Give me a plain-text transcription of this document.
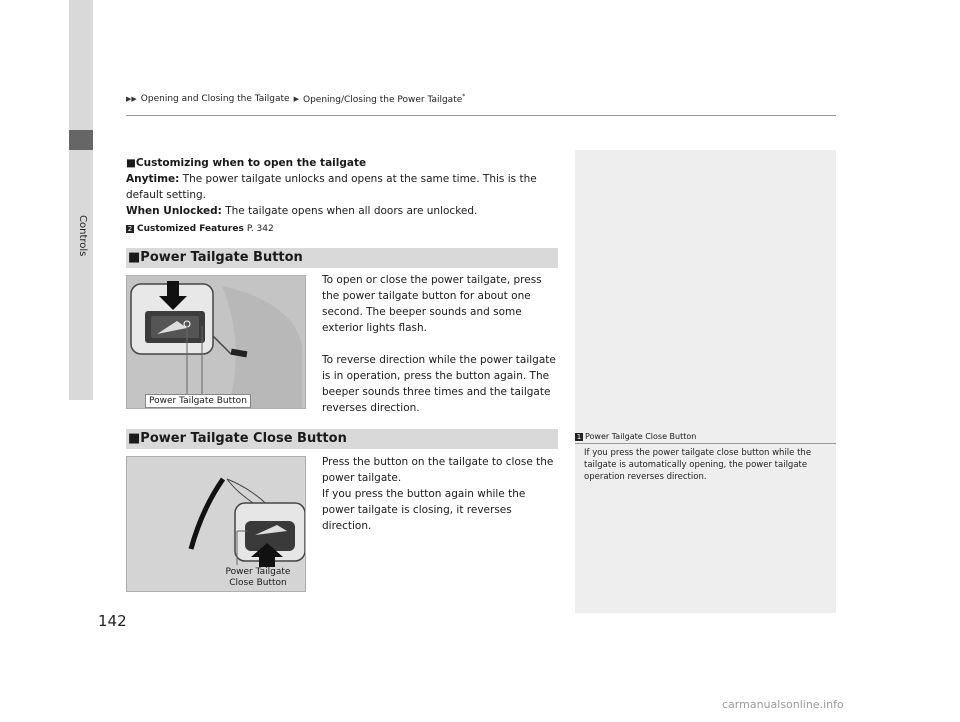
Controls
▶▶ Opening and Closing the Tailgate ▶ Opening/Closing the Power Tailgate*
■Customizing when to open the tailgate
Anytime: The power tailgate unlocks and opens at the same time. This is the default setting.
When Unlocked: The tailgate opens when all doors are unlocked.
2 Customized Features P. 342
■Power Tailgate Button
Power Tailgate Button

To open or close the power tailgate, press the power tailgate button for about one second. The beeper sounds and some exterior lights flash.

To reverse direction while the power tailgate is in operation, press the button again. The beeper sounds three times and the tailgate reverses direction.

■Power Tailgate Close Button
Power Tailgate
Close Button

Press the button on the tailgate to close the power tailgate.

If you press the button again while the power tailgate is closing, it reverses direction.

1 Power Tailgate Close Button
If you press the power tailgate close button while the tailgate is automatically opening, the power tailgate operation reverses direction.
142
carmanualsonline.info
